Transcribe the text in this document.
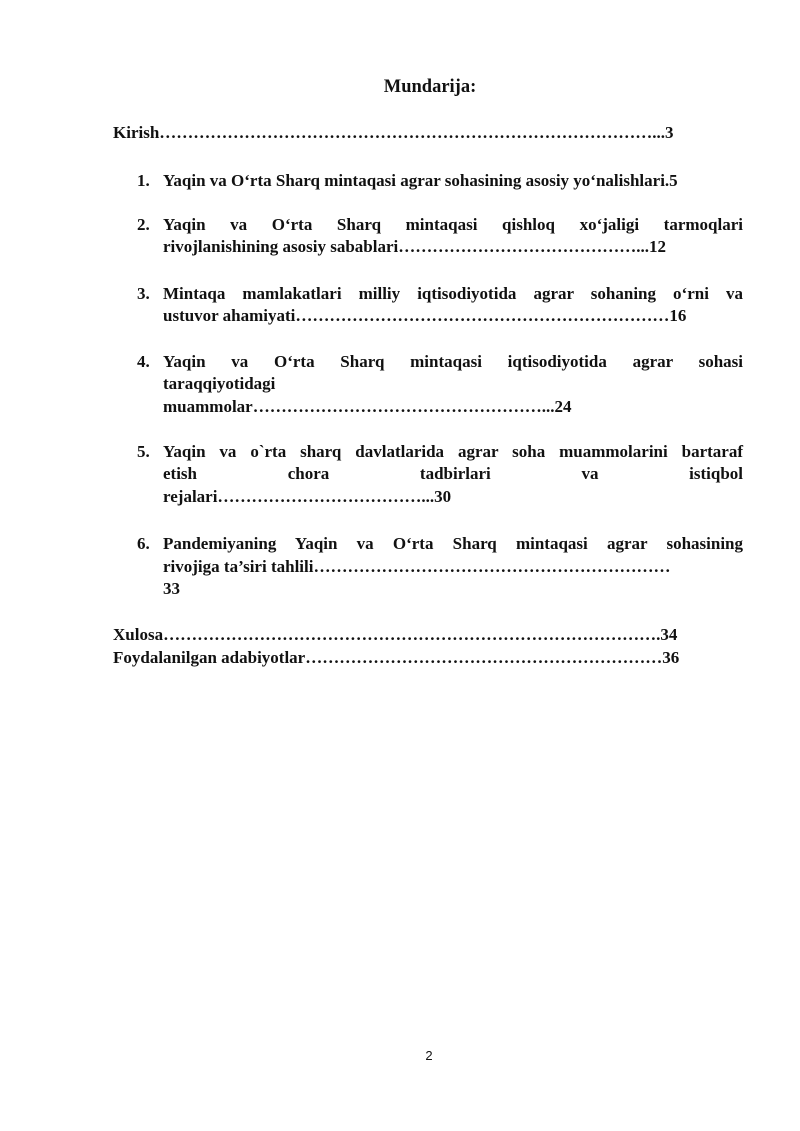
Mundarija:
Kirish……………………………………………………………………………...3
1. Yaqin va O‘rta Sharq mintaqasi agrar sohasining asosiy yo‘nalishlari.5
2. Yaqin va O‘rta Sharq mintaqasi qishloq xo‘jaligi tarmoqlari
rivojlanishining asosiy sabablari……………………………………...12
3. Mintaqa mamlakatlari milliy iqtisodiyotida agrar sohaning o‘rni va
ustuvor ahamiyati…………………………………………………………16
4. Yaqin va O‘rta Sharq mintaqasi iqtisodiyotida agrar sohasi
taraqqiyotidagi
muammolar……………………………………………...24
5. Yaqin va o`rta sharq davlatlarida agrar soha muammolarini bartaraf
etish chora tadbirlari va istiqbol
rejalari………………………………...30
6. Pandemiyaning Yaqin va O‘rta Sharq mintaqasi agrar sohasining
rivojiga ta’siri tahlili………………………………………………………
33
Xulosa…………………………………………………………………………….34
Foydalanilgan adabiyotlar………………………………………………………36
2
